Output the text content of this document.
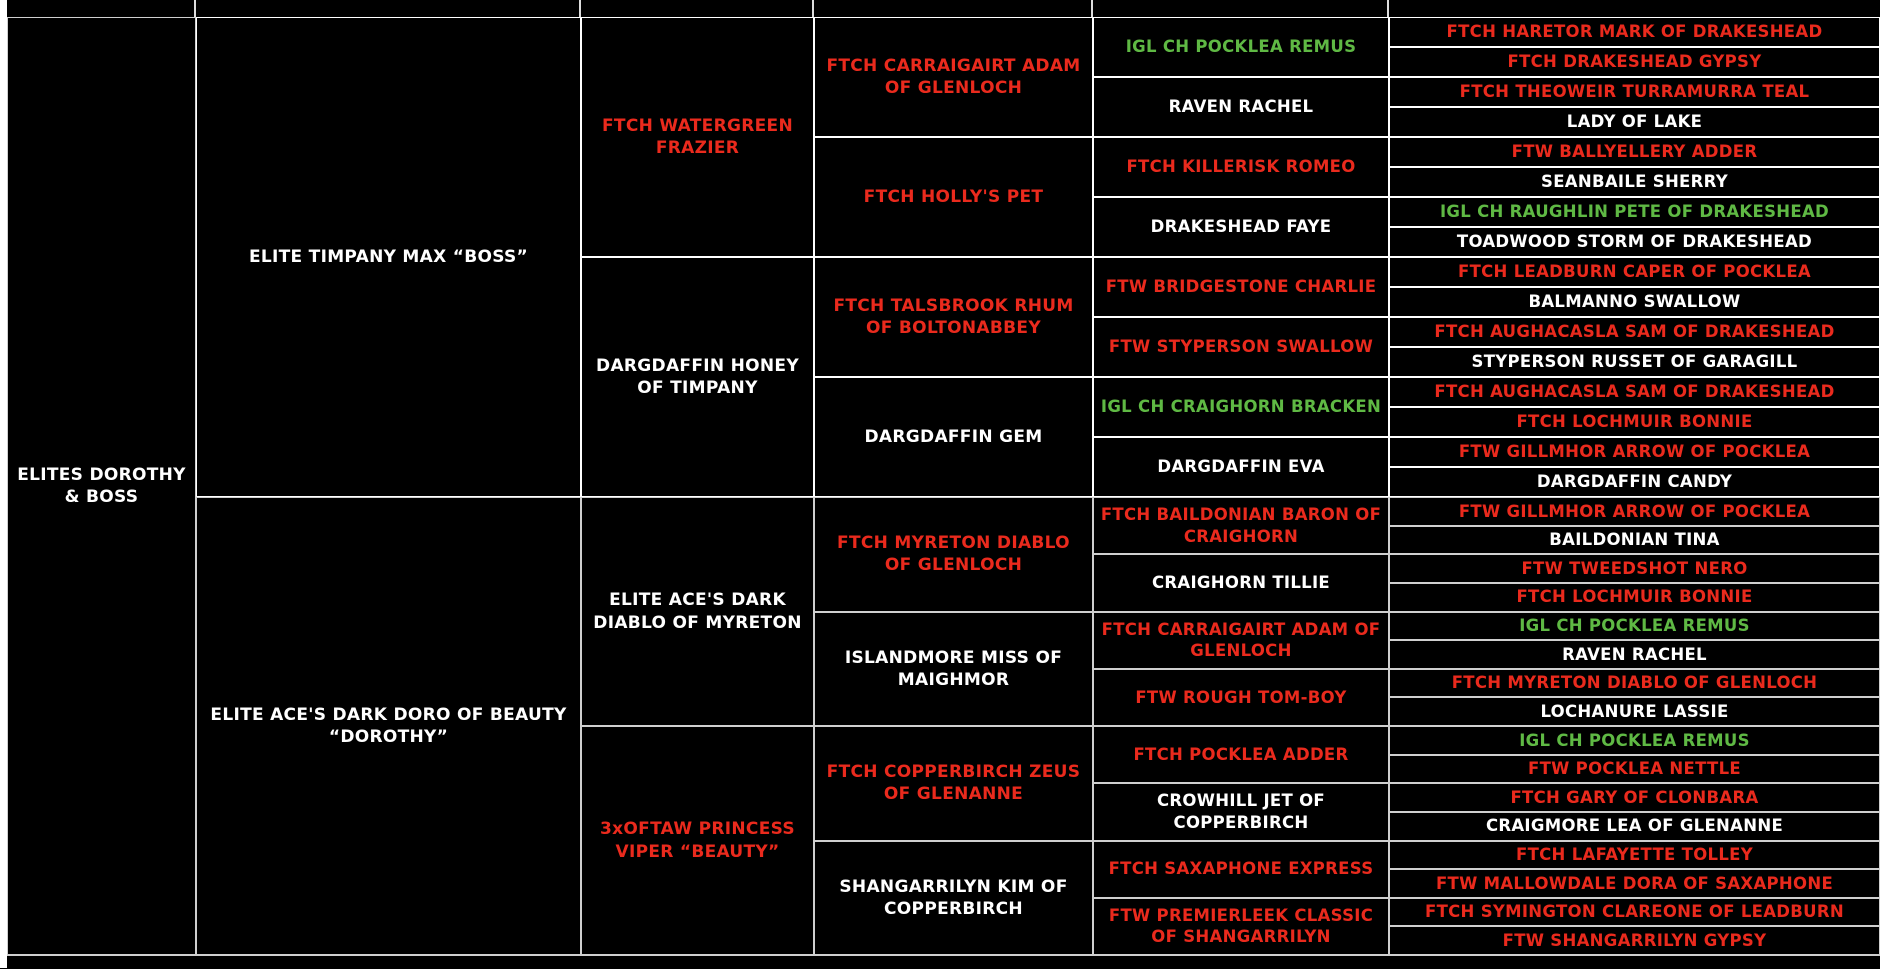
ELITES DOROTHY & BOSS
ELITE TIMPANY MAX “BOSS”
FTCH WATERGREEN FRAZIER
DARGDAFFIN HONEY OF TIMPANY
FTCH CARRAIGAIRT ADAM OF GLENLOCH
FTCH HOLLY'S PET
FTCH TALSBROOK RHUM OF BOLTONABBEY
DARGDAFFIN GEM
IGL CH POCKLEA REMUS
RAVEN RACHEL
FTCH KILLERISK ROMEO
DRAKESHEAD FAYE
FTW BRIDGESTONE CHARLIE
FTW STYPERSON SWALLOW
IGL CH CRAIGHORN BRACKEN
DARGDAFFIN EVA
FTCH HARETOR MARK OF DRAKESHEAD
FTCH DRAKESHEAD GYPSY
FTCH THEOWEIR TURRAMURRA TEAL
LADY OF LAKE
FTW BALLYELLERY ADDER
SEANBAILE SHERRY
IGL CH RAUGHLIN PETE OF DRAKESHEAD
TOADWOOD STORM OF DRAKESHEAD
FTCH LEADBURN CAPER OF POCKLEA
BALMANNO SWALLOW
FTCH AUGHACASLA SAM OF DRAKESHEAD
STYPERSON RUSSET OF GARAGILL
FTCH AUGHACASLA SAM OF DRAKESHEAD
FTCH LOCHMUIR BONNIE
FTW GILLMHOR ARROW OF POCKLEA
DARGDAFFIN CANDY
ELITE ACE'S DARK DORO OF BEAUTY “DOROTHY”
ELITE ACE'S DARK DIABLO OF MYRETON
3xOFTAW PRINCESS VIPER “BEAUTY”
FTCH MYRETON DIABLO OF GLENLOCH
ISLANDMORE MISS OF MAIGHMOR
FTCH COPPERBIRCH ZEUS OF GLENANNE
SHANGARRILYN KIM OF COPPERBIRCH
FTCH BAILDONIAN BARON OF CRAIGHORN
CRAIGHORN TILLIE
FTCH CARRAIGAIRT ADAM OF GLENLOCH
FTW ROUGH TOM-BOY
FTCH POCKLEA ADDER
CROWHILL JET OF COPPERBIRCH
FTCH SAXAPHONE EXPRESS
FTW PREMIERLEEK CLASSIC OF SHANGARRILYN
FTW GILLMHOR ARROW OF POCKLEA
BAILDONIAN TINA
FTW TWEEDSHOT NERO
FTCH LOCHMUIR BONNIE
IGL CH POCKLEA REMUS
RAVEN RACHEL
FTCH MYRETON DIABLO OF GLENLOCH
LOCHANURE LASSIE
IGL CH POCKLEA REMUS
FTW POCKLEA NETTLE
FTCH GARY OF CLONBARA
CRAIGMORE LEA OF GLENANNE
FTCH LAFAYETTE TOLLEY
FTW MALLOWDALE DORA OF SAXAPHONE
FTCH SYMINGTON CLAREONE OF LEADBURN
FTW SHANGARRILYN GYPSY
